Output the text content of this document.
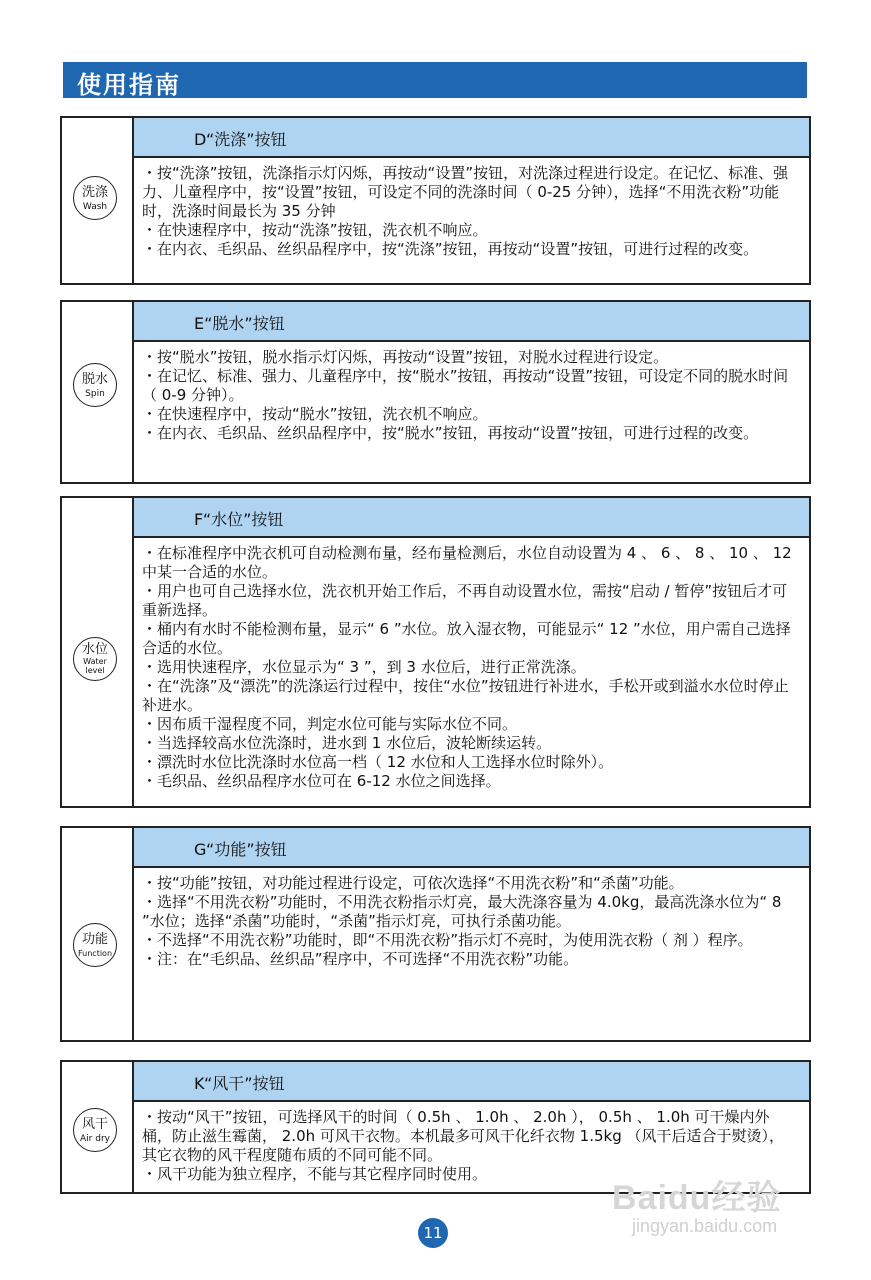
使用指南
洗涤
Wash
D“洗涤”按钮
・按“洗涤”按钮，洗涤指示灯闪烁，再按动“设置”按钮，对洗涤过程进行设定。在记忆、标准、强力、儿童程序中，按“设置”按钮，可设定不同的洗涤时间（ 0-25 分钟），选择“不用洗衣粉”功能时，洗涤时间最长为 35 分钟
・在快速程序中，按动“洗涤”按钮，洗衣机不响应。
・在内衣、毛织品、丝织品程序中，按“洗涤”按钮，再按动“设置”按钮，可进行过程的改变。
脱水
Spin
E“脱水”按钮
・按“脱水”按钮，脱水指示灯闪烁，再按动“设置”按钮，对脱水过程进行设定。
・在记忆、标准、强力、儿童程序中，按“脱水”按钮，再按动“设置”按钮，可设定不同的脱水时间（ 0-9 分钟）。
・在快速程序中，按动“脱水”按钮，洗衣机不响应。
・在内衣、毛织品、丝织品程序中，按“脱水”按钮，再按动“设置”按钮，可进行过程的改变。
水位
Water level
F“水位”按钮
・在标准程序中洗衣机可自动检测布量，经布量检测后，水位自动设置为 4 、 6 、 8 、 10 、 12 中某一合适的水位。
・用户也可自己选择水位，洗衣机开始工作后，不再自动设置水位，需按“启动 / 暂停”按钮后才可重新选择。
・桶内有水时不能检测布量，显示“ 6 ”水位。放入湿衣物，可能显示“ 12 ”水位，用户需自己选择合适的水位。
・选用快速程序，水位显示为“ 3 ”，到 3 水位后，进行正常洗涤。
・在“洗涤”及“漂洗”的洗涤运行过程中，按住“水位”按钮进行补进水，手松开或到溢水水位时停止补进水。
・因布质干湿程度不同，判定水位可能与实际水位不同。
・当选择较高水位洗涤时，进水到 1 水位后，波轮断续运转。
・漂洗时水位比洗涤时水位高一档（ 12 水位和人工选择水位时除外）。
・毛织品、丝织品程序水位可在 6-12 水位之间选择。
功能
Function
G“功能”按钮
・按“功能”按钮，对功能过程进行设定，可依次选择“不用洗衣粉”和“杀菌”功能。
・选择“不用洗衣粉”功能时，不用洗衣粉指示灯亮，最大洗涤容量为 4.0kg，最高洗涤水位为“ 8 ”水位；选择“杀菌”功能时，“杀菌”指示灯亮，可执行杀菌功能。
・不选择“不用洗衣粉”功能时，即“不用洗衣粉”指示灯不亮时，为使用洗衣粉（ 剂 ）程序。
・注：在“毛织品、丝织品”程序中，不可选择“不用洗衣粉”功能。
风干
Air dry
K“风干”按钮
・按动“风干”按钮，可选择风干的时间（ 0.5h 、 1.0h 、 2.0h ）， 0.5h 、 1.0h 可干燥内外桶，防止滋生霉菌， 2.0h 可风干衣物。本机最多可风干化纤衣物 1.5kg （风干后适合于熨烫），其它衣物的风干程度随布质的不同可能不同。
・风干功能为独立程序，不能与其它程序同时使用。
11
Baidu经验
jingyan.baidu.com
